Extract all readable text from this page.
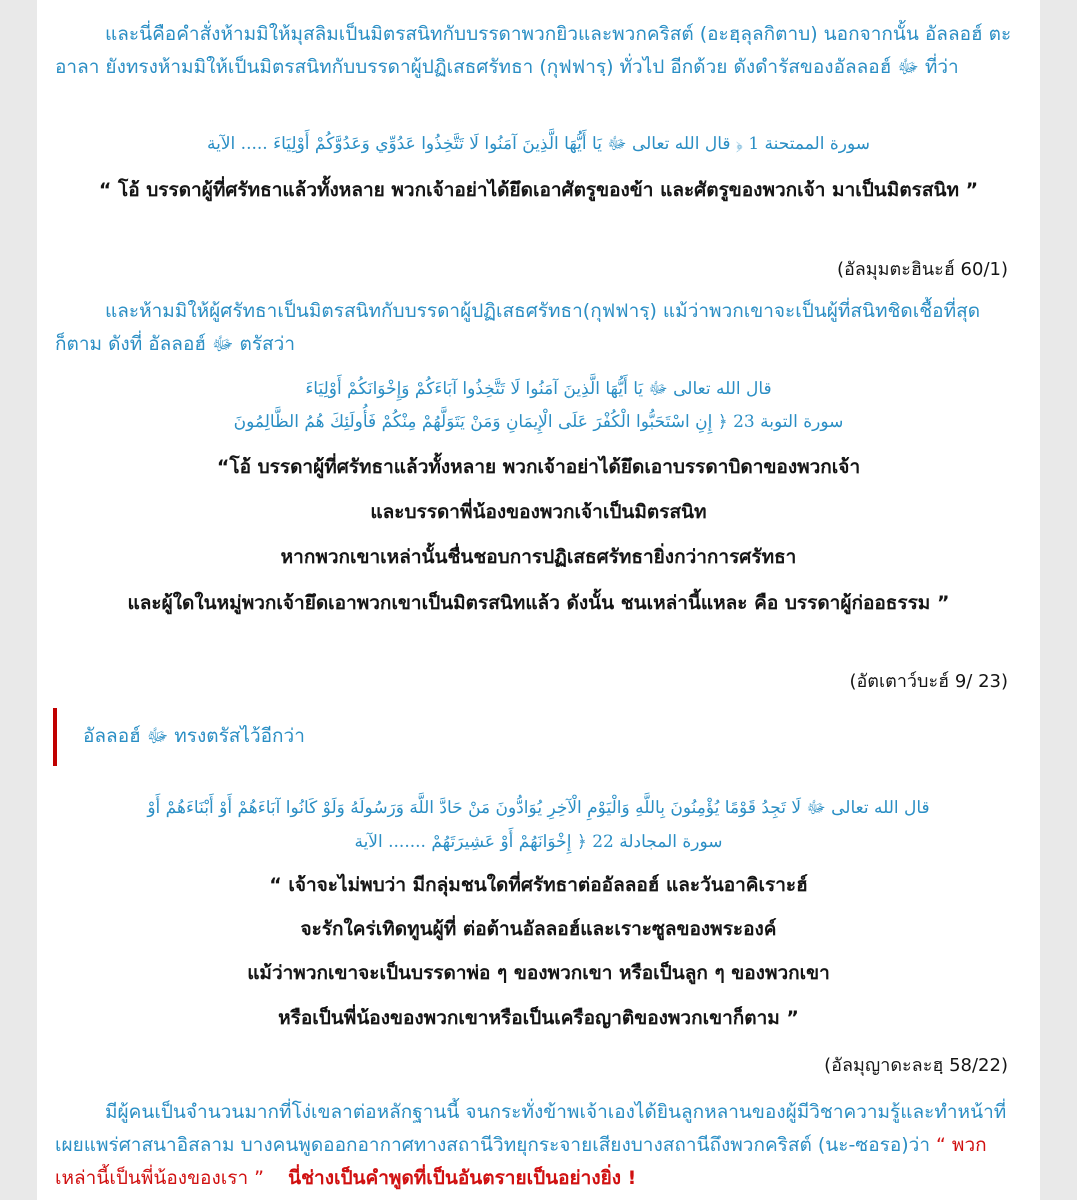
และนี่คือคำสั่งห้ามมิให้มุสลิมเป็นมิตรสนิทกับบรรดาพวกยิวและพวกคริสต์ (อะฮฺลุลกิตาบ) นอกจากนั้น อัลลอฮ์ ตะอาลา ยังทรงห้ามมิให้เป็นมิตรสนิทกับบรรดาผู้ปฏิเสธศรัทธา (กุฟฟารฺ) ทั่วไป อีกด้วย ดังดำรัสของอัลลอฮ์ ﷻ ที่ว่า

سورة الممتحنة 1 ﴿ قال الله تعالى ﷻ يَا أَيُّهَا الَّذِينَ آمَنُوا لَا تَتَّخِذُوا عَدُوِّي وَعَدُوَّكُمْ أَوْلِيَاءَ ..... الآية

“ โอ้ บรรดาผู้ที่ศรัทธาแล้วทั้งหลาย พวกเจ้าอย่าได้ยึดเอาศัตรูของข้า และศัตรูของพวกเจ้า มาเป็นมิตรสนิท ”

(อัลมุมตะฮินะฮ์ 60/1)

และห้ามมิให้ผู้ศรัทธาเป็นมิตรสนิทกับบรรดาผู้ปฏิเสธศรัทธา(กุฟฟารฺ) แม้ว่าพวกเขาจะเป็นผู้ที่สนิทชิดเชื้อที่สุดก็ตาม ดังที่ อัลลอฮ์ ﷻ ตรัสว่า

قال الله تعالى ﷻ يَا أَيُّهَا الَّذِينَ آمَنُوا لَا تَتَّخِذُوا آبَاءَكُمْ وَإِخْوَانَكُمْ أَوْلِيَاءَ

سورة التوبة 23 ﴿ إِنِ اسْتَحَبُّوا الْكُفْرَ عَلَى الْإِيمَانِ وَمَنْ يَتَوَلَّهُمْ مِنْكُمْ فَأُولَئِكَ هُمُ الظَّالِمُونَ

“โอ้ บรรดาผู้ที่ศรัทธาแล้วทั้งหลาย พวกเจ้าอย่าได้ยึดเอาบรรดาบิดาของพวกเจ้า

และบรรดาพี่น้องของพวกเจ้าเป็นมิตรสนิท

หากพวกเขาเหล่านั้นชื่นชอบการปฏิเสธศรัทธายิ่งกว่าการศรัทธา

และผู้ใดในหมู่พวกเจ้ายึดเอาพวกเขาเป็นมิตรสนิทแล้ว ดังนั้น ชนเหล่านี้แหละ คือ บรรดาผู้ก่ออธรรม ”

(อัตเตาว์บะฮ์ 9/ 23)

อัลลอฮ์ ﷻ ทรงตรัสไว้อีกว่า

قال الله تعالى ﷻ لَا تَجِدُ قَوْمًا يُؤْمِنُونَ بِاللَّهِ وَالْيَوْمِ الْآخِرِ يُوَادُّونَ مَنْ حَادَّ اللَّهَ وَرَسُولَهُ وَلَوْ كَانُوا آبَاءَهُمْ أَوْ أَبْنَاءَهُمْ أَوْ

سورة المجادلة 22 ﴿ إِخْوَانَهُمْ أَوْ عَشِيرَتَهُمْ ....... الآية

“ เจ้าจะไม่พบว่า มีกลุ่มชนใดที่ศรัทธาต่ออัลลอฮ์ และวันอาคิเราะฮ์

จะรักใคร่เทิดทูนผู้ที่ ต่อต้านอัลลอฮ์และเราะซูลของพระองค์

แม้ว่าพวกเขาจะเป็นบรรดาพ่อ ๆ ของพวกเขา หรือเป็นลูก ๆ ของพวกเขา

หรือเป็นพี่น้องของพวกเขาหรือเป็นเครือญาติของพวกเขาก็ตาม ”

(อัลมุญาดะละฮฺ 58/22)

มีผู้คนเป็นจำนวนมากที่โง่เขลาต่อหลักฐานนี้ จนกระทั่งข้าพเจ้าเองได้ยินลูกหลานของผู้มีวิชาความรู้และทำหน้าที่เผยแพร่ศาสนาอิสลาม บางคนพูดออกอากาศทางสถานีวิทยุกระจายเสียงบางสถานีถึงพวกคริสต์ (นะ-ซอรอ)ว่า “ พวกเหล่านี้เป็นพี่น้องของเรา ” นี่ช่างเป็นคำพูดที่เป็นอันตรายเป็นอย่างยิ่ง !
